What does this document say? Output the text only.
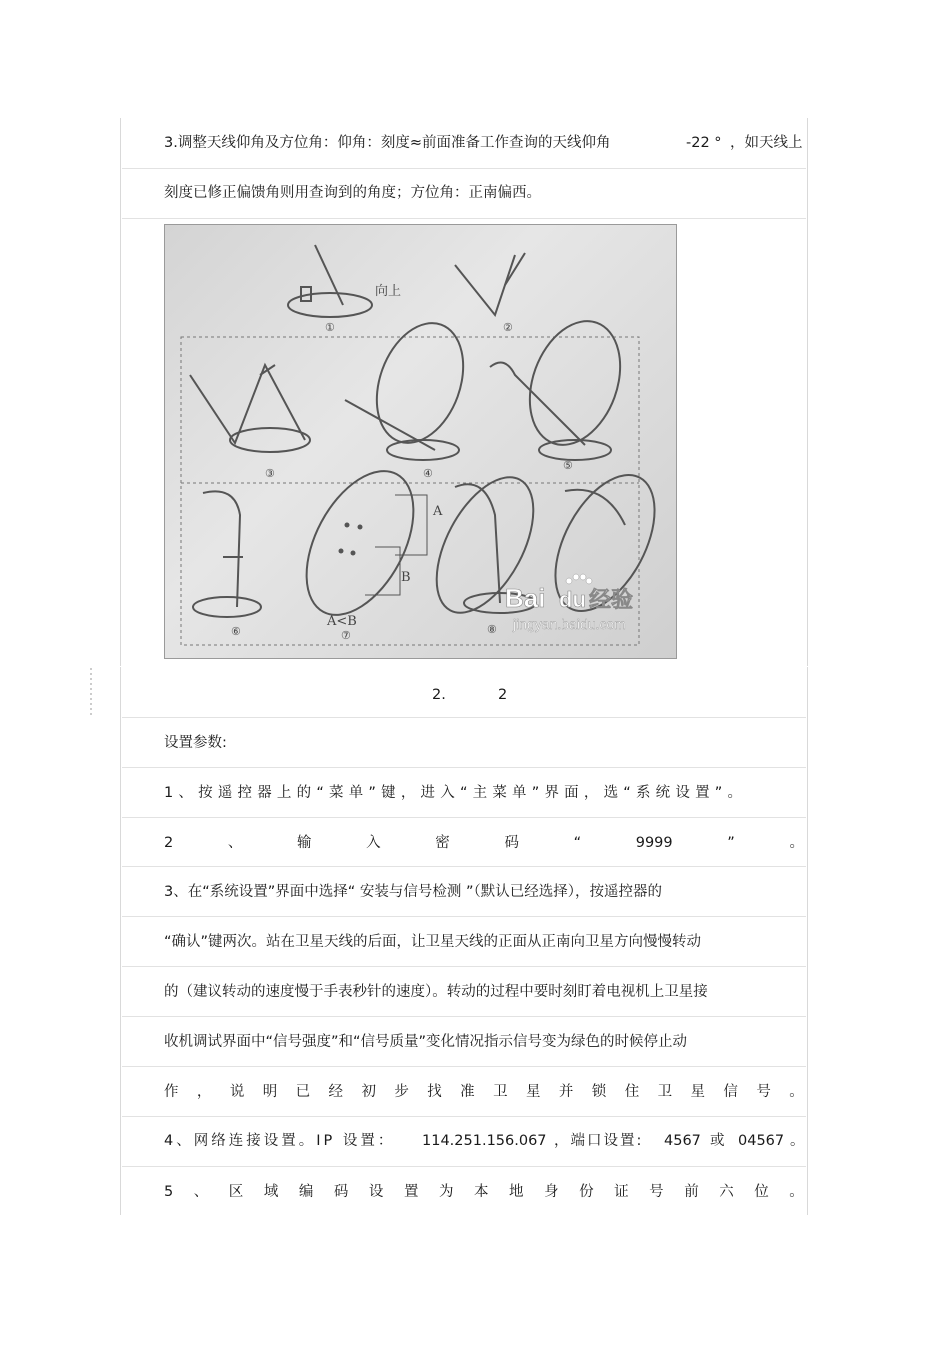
3.调整天线仰角及方位角：仰角：刻度≈前面准备工作查询的天线仰角	-22 ° ，如天线上
刻度已修正偏馈角则用查询到的角度；方位角：正南偏西。
向上
A
B
A<B
①	②
③	④
⑤
⑥	⑦	⑧
Bai du 经验
jingyan.baidu.com
2.	2
设置参数:
1、按遥控器上的“菜单”键，进入“主菜单”界面，选“系统设置”。
2	、	输	入	密	码	“	9999	”	。
3、在“系统设置”界面中选择“ 安装与信号检测 ”（默认已经选择），按遥控器的
“确认”键两次。站在卫星天线的后面，让卫星天线的正面从正南向卫星方向慢慢转动
的（建议转动的速度慢于手表秒针的速度）。转动的过程中要时刻盯着电视机上卫星接
收机调试界面中“信号强度”和“信号质量”变化情况指示信号变为绿色的时候停止动
作 ， 说 明 已 经 初 步 找 准 卫 星 并 锁 住 卫 星 信 号 。
4、网络连接设置。IP 设置： 114.251.156.067 ，端口设置: 4567 或 04567 。
5 、 区 域 编 码 设 置 为 本 地 身 份 证 号 前 六 位 。
